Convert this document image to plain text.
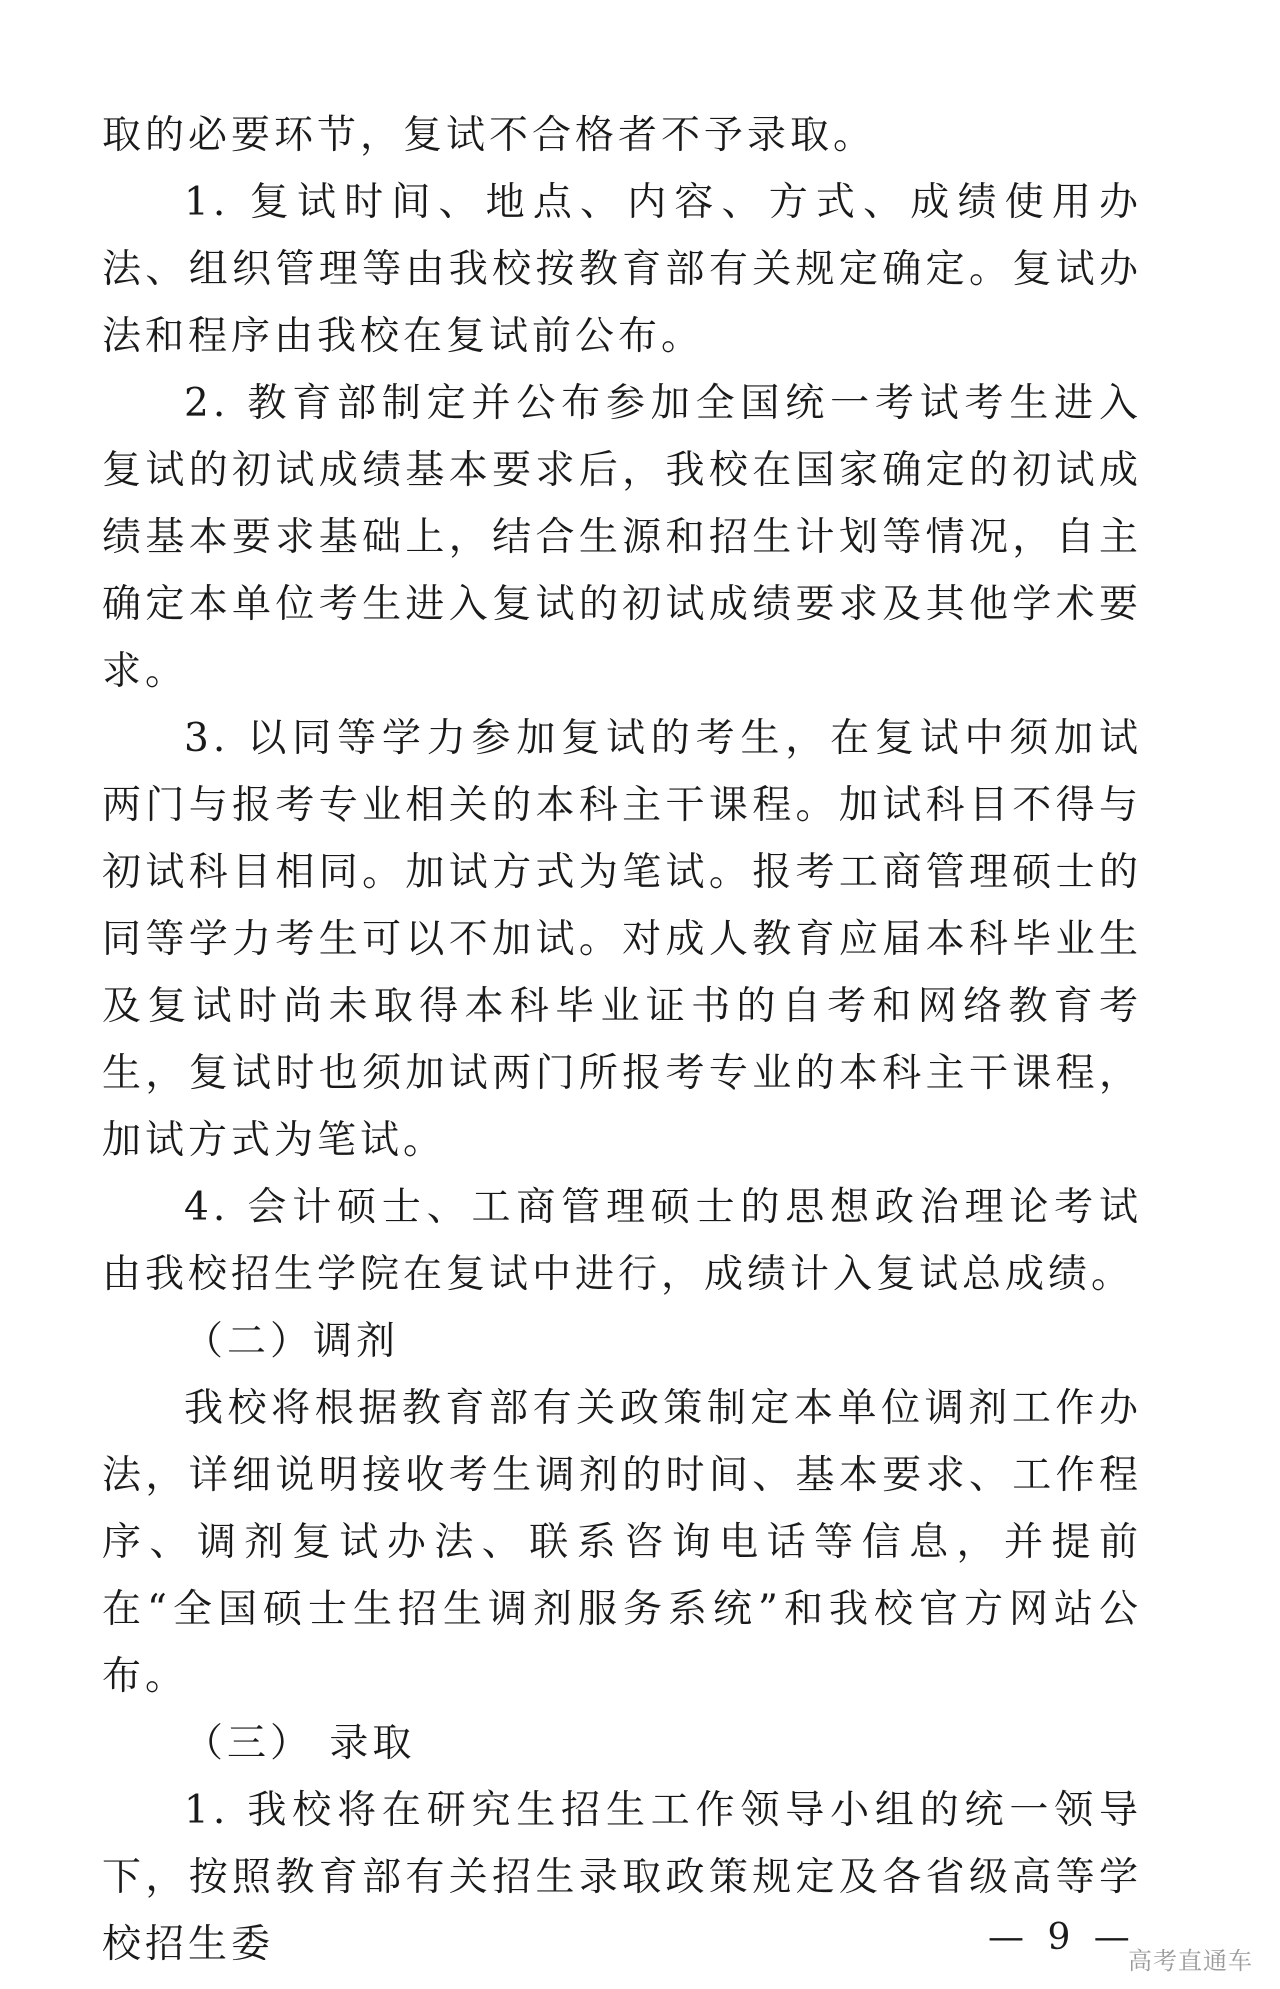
取的必要环节，复试不合格者不予录取。

1. 复试时间、地点、内容、方式、成绩使用办法、组织管理等由我校按教育部有关规定确定。复试办法和程序由我校在复试前公布。

2. 教育部制定并公布参加全国统一考试考生进入复试的初试成绩基本要求后，我校在国家确定的初试成绩基本要求基础上，结合生源和招生计划等情况，自主确定本单位考生进入复试的初试成绩要求及其他学术要求。

3. 以同等学力参加复试的考生，在复试中须加试两门与报考专业相关的本科主干课程。加试科目不得与初试科目相同。加试方式为笔试。报考工商管理硕士的同等学力考生可以不加试。对成人教育应届本科毕业生及复试时尚未取得本科毕业证书的自考和网络教育考生，复试时也须加试两门所报考专业的本科主干课程，加试方式为笔试。

4. 会计硕士、工商管理硕士的思想政治理论考试由我校招生学院在复试中进行，成绩计入复试总成绩。

（二）调剂

我校将根据教育部有关政策制定本单位调剂工作办法，详细说明接收考生调剂的时间、基本要求、工作程序、调剂复试办法、联系咨询电话等信息，并提前在“全国硕士生招生调剂服务系统”和我校官方网站公布。

（三） 录取

1. 我校将在研究生招生工作领导小组的统一领导下，按照教育部有关招生录取政策规定及各省级高等学校招生委	— 9 —
高考直通车
